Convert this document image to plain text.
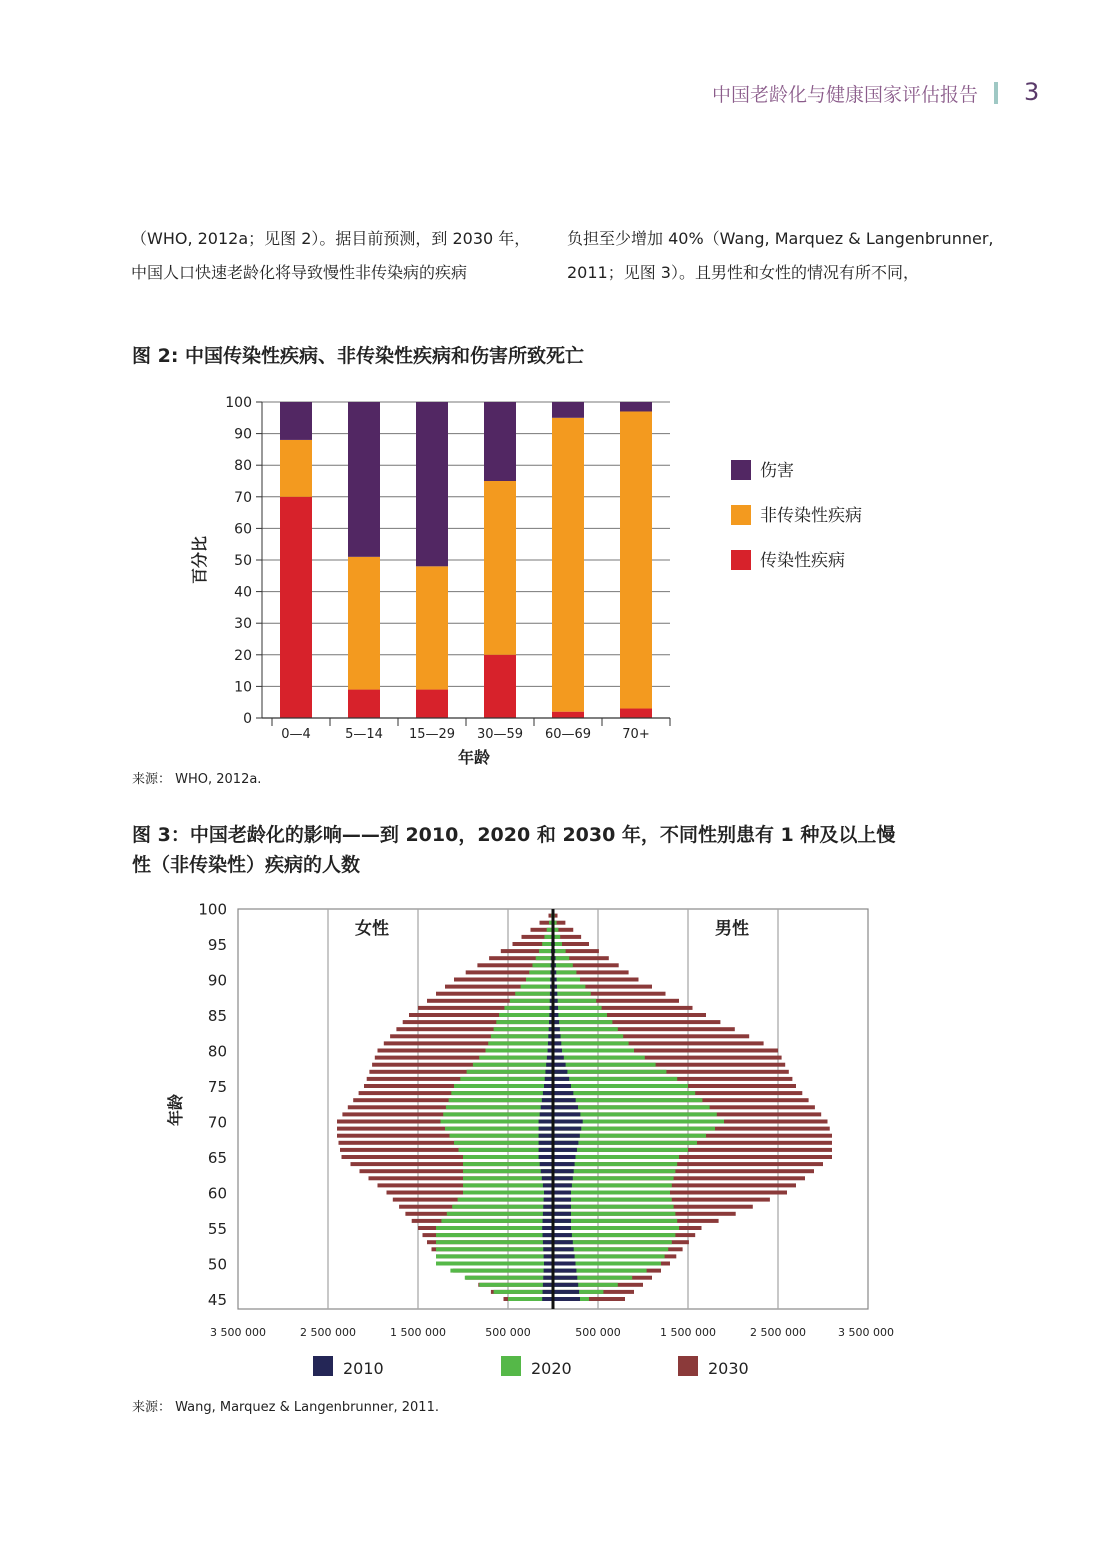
中国老龄化与健康国家评估报告 3
（WHO, 2012a；见图 2）。据目前预测，到 2030 年，
中国人口快速老龄化将导致慢性非传染病的疾病
负担至少增加 40%（Wang, Marquez & Langenbrunner,
2011；见图 3）。且男性和女性的情况有所不同，
图 2: 中国传染性疾病、非传染性疾病和伤害所致死亡
0
10
20
30
40
50
60
70
80
90
100
0—4	5—14 15—29 30—59 60—69 70+
年龄
百分比
伤害
非传染性疾病
传染性疾病
来源： WHO, 2012a.
图 3：中国老龄化的影响——到 2010，2020 和 2030 年，不同性别患有 1 种及以上慢
性（非传染性）疾病的人数
女性	男性
100
95
90
85
80
75
70
65
60
55
50
45
年龄
3 500 000	2 500 000	1 500 000	500 000	500 000	1 500 000	2 500 000	3 500 000
2010	2020	2030
来源： Wang, Marquez & Langenbrunner, 2011.
